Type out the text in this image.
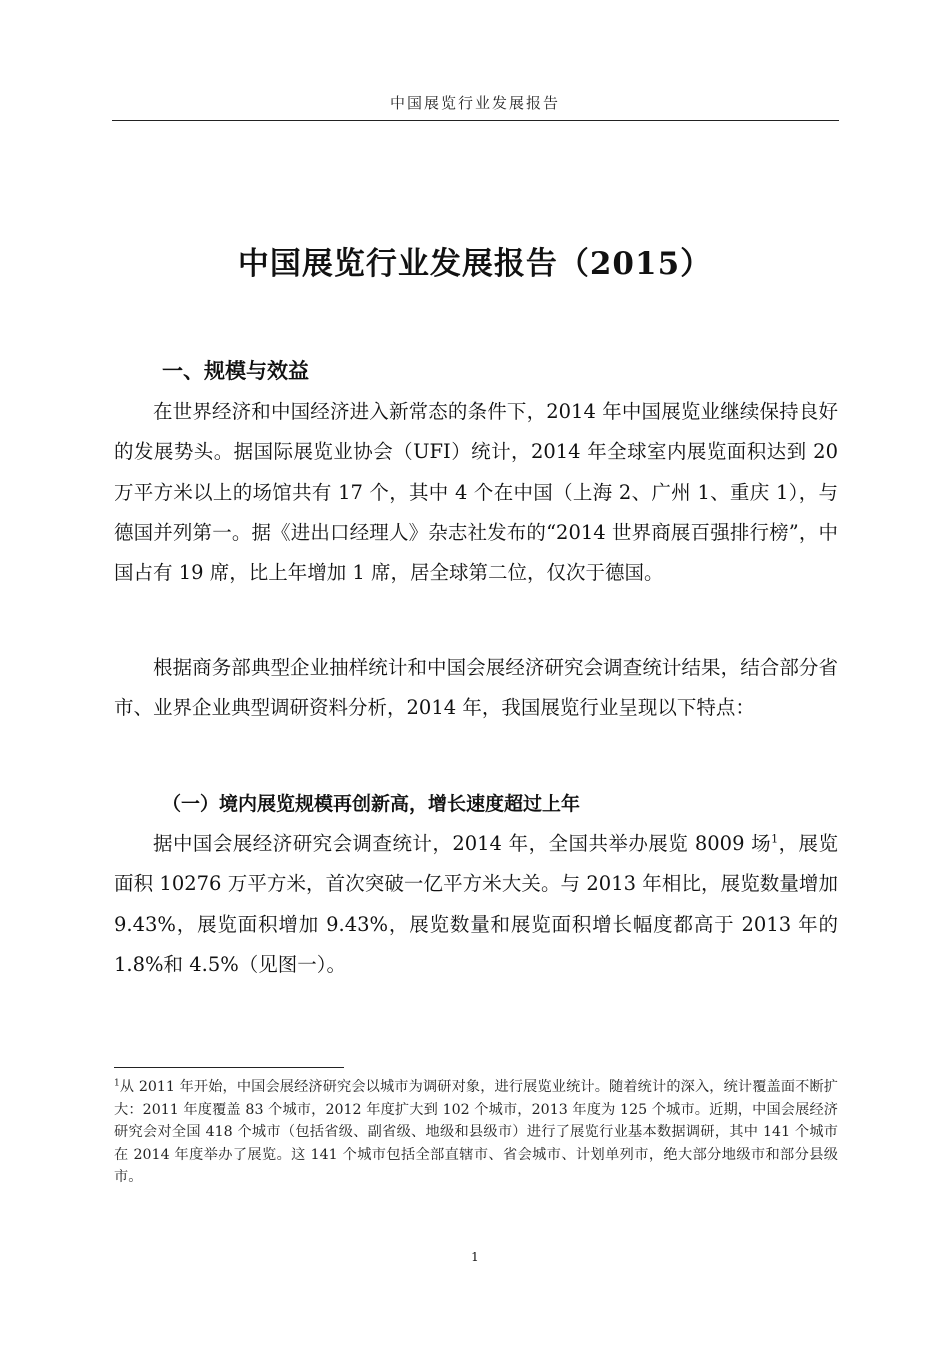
中国展览行业发展报告
中国展览行业发展报告（2015）
一、规模与效益

在世界经济和中国经济进入新常态的条件下，2014 年中国展览业继续保持良好的发展势头。据国际展览业协会（UFI）统计，2014 年全球室内展览面积达到 20 万平方米以上的场馆共有 17 个，其中 4 个在中国（上海 2、广州 1、重庆 1），与德国并列第一。据《进出口经理人》杂志社发布的“2014 世界商展百强排行榜”，中国占有 19 席，比上年增加 1 席，居全球第二位，仅次于德国。

根据商务部典型企业抽样统计和中国会展经济研究会调查统计结果，结合部分省市、业界企业典型调研资料分析，2014 年，我国展览行业呈现以下特点：

（一）境内展览规模再创新高，增长速度超过上年

据中国会展经济研究会调查统计，2014 年，全国共举办展览 8009 场$^1$，展览面积 10276 万平方米，首次突破一亿平方米大关。与 2013 年相比，展览数量增加 9.43%，展览面积增加 9.43%，展览数量和展览面积增长幅度都高于 2013 年的 1.8%和 4.5%（见图一）。

$^1$从 2011 年开始，中国会展经济研究会以城市为调研对象，进行展览业统计。随着统计的深入，统计覆盖面不断扩大：2011 年度覆盖 83 个城市，2012 年度扩大到 102 个城市，2013 年度为 125 个城市。近期，中国会展经济研究会对全国 418 个城市（包括省级、副省级、地级和县级市）进行了展览行业基本数据调研，其中 141 个城市在 2014 年度举办了展览。这 141 个城市包括全部直辖市、省会城市、计划单列市，绝大部分地级市和部分县级市。

1
